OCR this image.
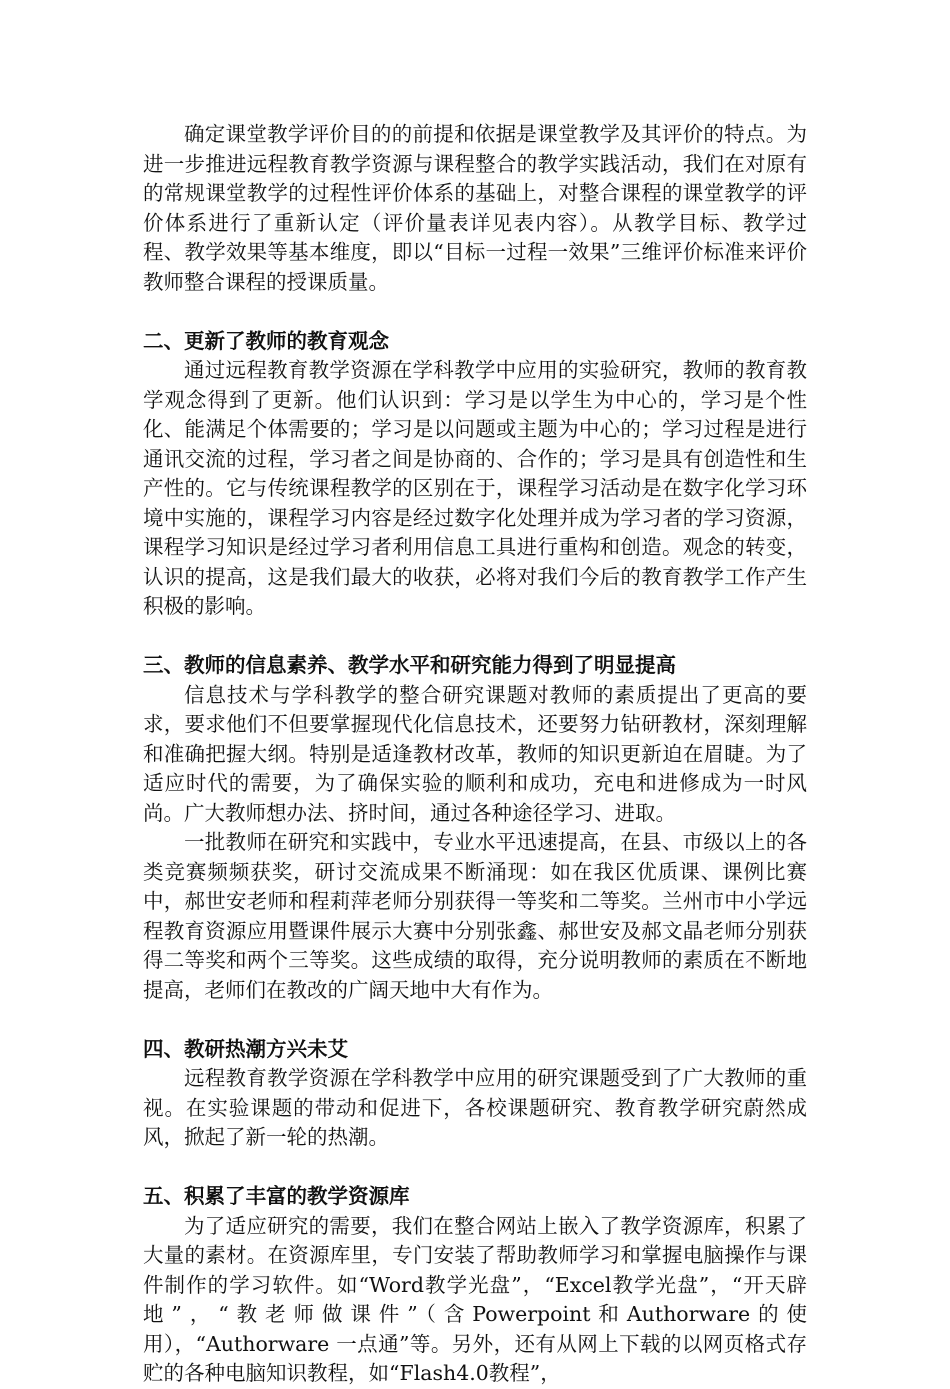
确定课堂教学评价目的的前提和依据是课堂教学及其评价的特点。为进一步推进远程教育教学资源与课程整合的教学实践活动，我们在对原有的常规课堂教学的过程性评价体系的基础上，对整合课程的课堂教学的评价体系进行了重新认定（评价量表详见表内容）。从教学目标、教学过程、教学效果等基本维度，即以“目标一过程一效果”三维评价标准来评价教师整合课程的授课质量。

二、更新了教师的教育观念

通过远程教育教学资源在学科教学中应用的实验研究，教师的教育教学观念得到了更新。他们认识到：学习是以学生为中心的，学习是个性化、能满足个体需要的；学习是以问题或主题为中心的；学习过程是进行通讯交流的过程，学习者之间是协商的、合作的；学习是具有创造性和生产性的。它与传统课程教学的区别在于，课程学习活动是在数字化学习环境中实施的，课程学习内容是经过数字化处理并成为学习者的学习资源，课程学习知识是经过学习者利用信息工具进行重构和创造。观念的转变，认识的提高，这是我们最大的收获，必将对我们今后的教育教学工作产生积极的影响。

三、教师的信息素养、教学水平和研究能力得到了明显提高

信息技术与学科教学的整合研究课题对教师的素质提出了更高的要求，要求他们不但要掌握现代化信息技术，还要努力钻研教材，深刻理解和准确把握大纲。特别是适逢教材改革，教师的知识更新迫在眉睫。为了适应时代的需要，为了确保实验的顺利和成功，充电和进修成为一时风尚。广大教师想办法、挤时间，通过各种途径学习、进取。

一批教师在研究和实践中，专业水平迅速提高，在县、市级以上的各类竞赛频频获奖，研讨交流成果不断涌现：如在我区优质课、课例比赛中，郝世安老师和程莉萍老师分别获得一等奖和二等奖。兰州市中小学远程教育资源应用暨课件展示大赛中分别张鑫、郝世安及郝文晶老师分别获得二等奖和两个三等奖。这些成绩的取得，充分说明教师的素质在不断地提高，老师们在教改的广阔天地中大有作为。

四、教研热潮方兴未艾

远程教育教学资源在学科教学中应用的研究课题受到了广大教师的重视。在实验课题的带动和促进下，各校课题研究、教育教学研究蔚然成风，掀起了新一轮的热潮。

五、积累了丰富的教学资源库

为了适应研究的需要，我们在整合网站上嵌入了教学资源库，积累了大量的素材。在资源库里，专门安装了帮助教师学习和掌握电脑操作与课件制作的学习软件。如“Word教学光盘”，“Excel教学光盘”，“开天辟地”，“教老师做课件”（含Powerpoint和Authorware的使用），“Authorware 一点通”等。另外，还有从网上下载的以网页格式存贮的各种电脑知识教程，如“Flash4.0教程”，
